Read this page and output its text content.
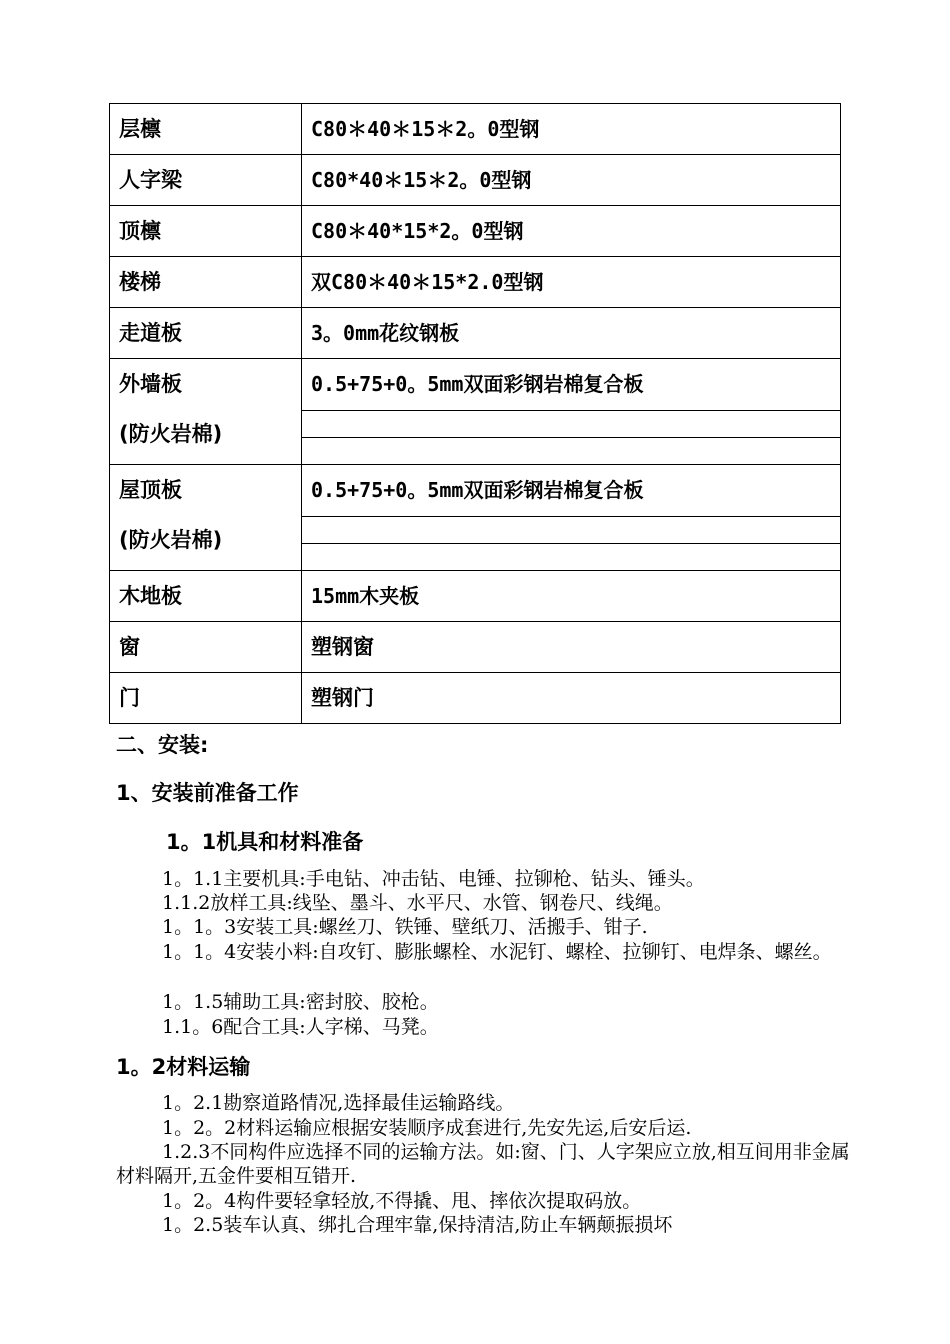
层檩	C80＊40＊15＊2。0型钢
人字梁	C80*40＊15＊2。0型钢
顶檩	C80＊40*15*2。0型钢
楼梯	双C80＊40＊15*2.0型钢
走道板	3。0mm花纹钢板

外墙板
(防火岩棉)	0.5+75+0。5mm双面彩钢岩棉复合板

屋顶板
(防火岩棉)	0.5+75+0。5mm双面彩钢岩棉复合板

木地板	15mm木夹板
窗	塑钢窗
门	塑钢门
二、安装:
1、安装前准备工作
1。1机具和材料准备

1。1.1主要机具:手电钻、冲击钻、电锤、拉铆枪、钻头、锤头。

1.1.2放样工具:线坠、墨斗、水平尺、水管、钢卷尺、线绳。

1。1。3安装工具:螺丝刀、铁锤、壁纸刀、活搬手、钳子.

1。1。4安装小料:自攻钉、膨胀螺栓、水泥钉、螺栓、拉铆钉、电焊条、螺丝。

1。1.5辅助工具:密封胶、胶枪。

1.1。6配合工具:人字梯、马凳。

1。2材料运输

1。2.1勘察道路情况,选择最佳运输路线。

1。2。2材料运输应根据安装顺序成套进行,先安先运,后安后运.

1.2.3不同构件应选择不同的运输方法。如:窗、门、人字架应立放,相互间用非金属材料隔开,五金件要相互错开.

1。2。4构件要轻拿轻放,不得撬、甩、摔依次提取码放。

1。2.5装车认真、绑扎合理牢靠,保持清洁,防止车辆颠振损坏
